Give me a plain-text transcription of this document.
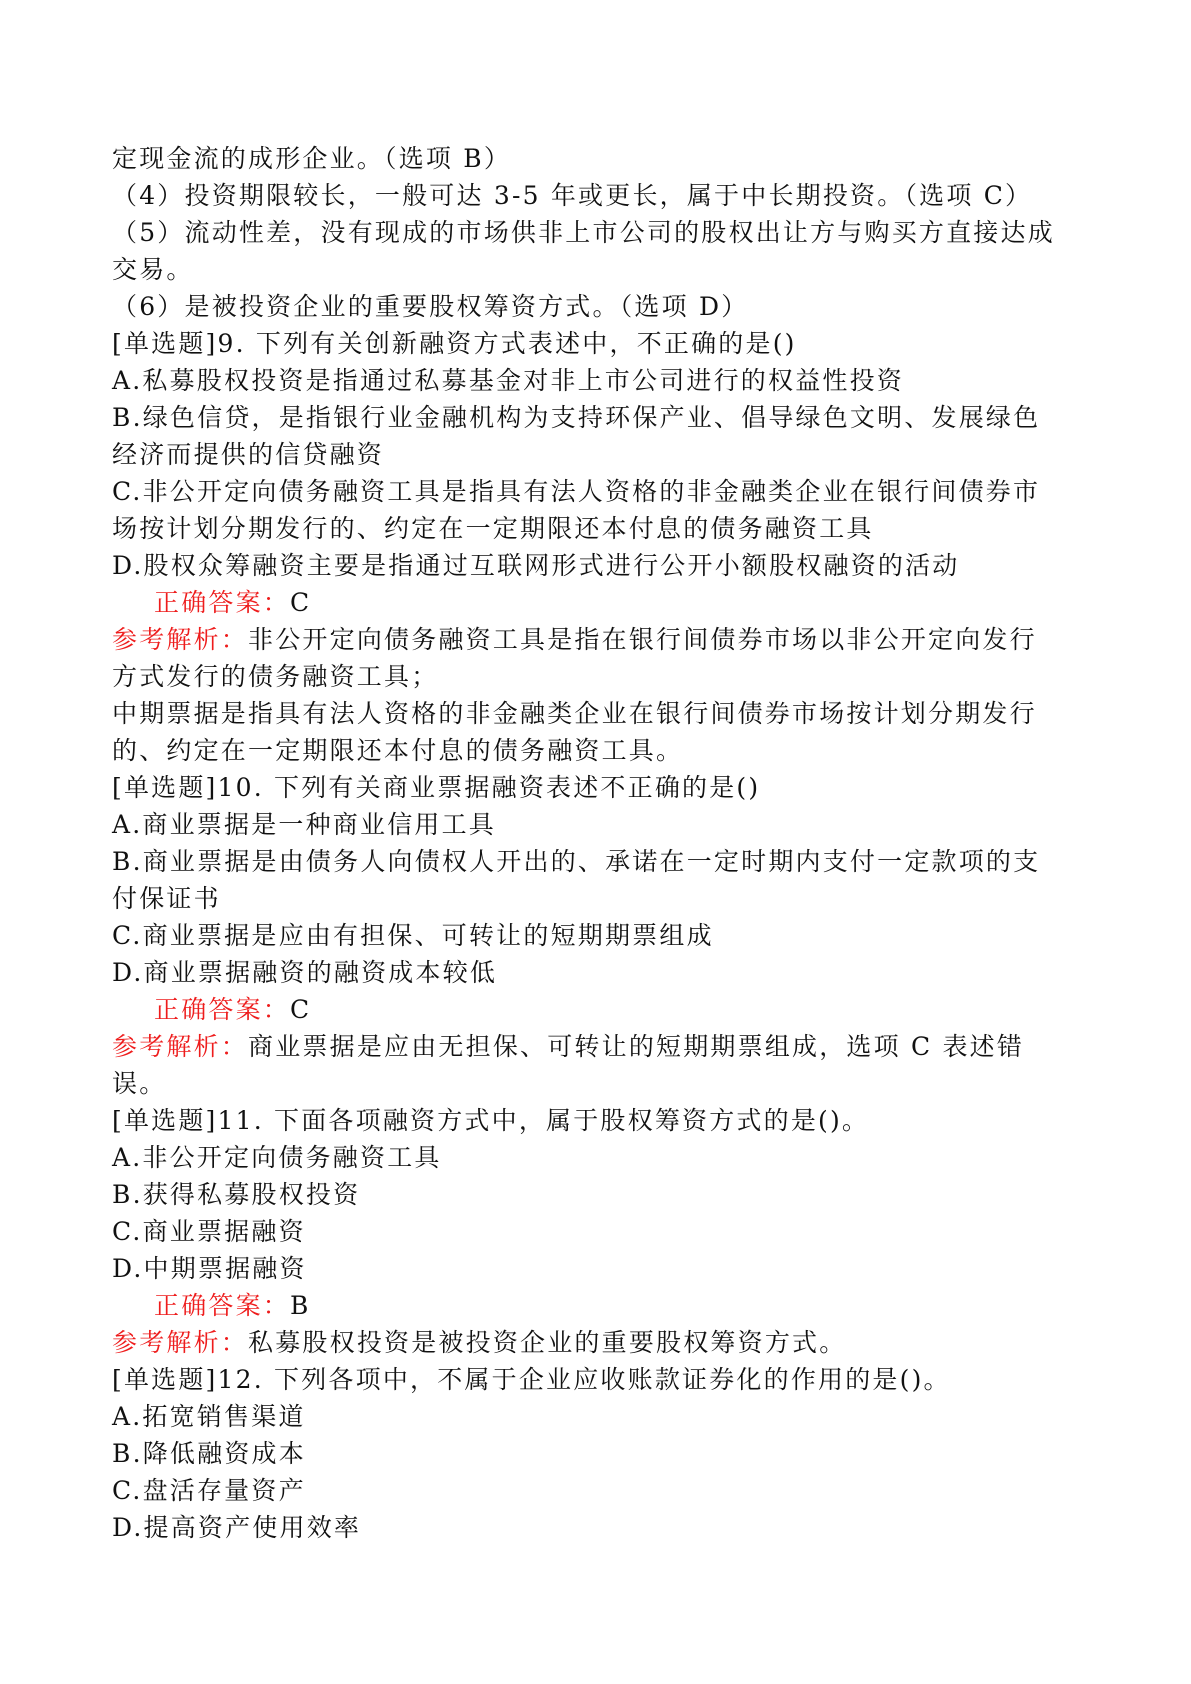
定现金流的成形企业。（选项 B）
（4）投资期限较长，一般可达 3-5 年或更长，属于中长期投资。（选项 C）
（5）流动性差，没有现成的市场供非上市公司的股权出让方与购买方直接达成
交易。
（6）是被投资企业的重要股权筹资方式。（选项 D）
[单选题]9. 下列有关创新融资方式表述中，不正确的是()
A.私募股权投资是指通过私募基金对非上市公司进行的权益性投资
B.绿色信贷，是指银行业金融机构为支持环保产业、倡导绿色文明、发展绿色
经济而提供的信贷融资
C.非公开定向债务融资工具是指具有法人资格的非金融类企业在银行间债券市
场按计划分期发行的、约定在一定期限还本付息的债务融资工具
D.股权众筹融资主要是指通过互联网形式进行公开小额股权融资的活动
正确答案：C
参考解析：非公开定向债务融资工具是指在银行间债券市场以非公开定向发行
方式发行的债务融资工具；
中期票据是指具有法人资格的非金融类企业在银行间债券市场按计划分期发行
的、约定在一定期限还本付息的债务融资工具。
[单选题]10. 下列有关商业票据融资表述不正确的是()
A.商业票据是一种商业信用工具
B.商业票据是由债务人向债权人开出的、承诺在一定时期内支付一定款项的支
付保证书
C.商业票据是应由有担保、可转让的短期期票组成
D.商业票据融资的融资成本较低
正确答案：C
参考解析：商业票据是应由无担保、可转让的短期期票组成，选项 C 表述错
误。
[单选题]11. 下面各项融资方式中，属于股权筹资方式的是()。
A.非公开定向债务融资工具
B.获得私募股权投资
C.商业票据融资
D.中期票据融资
正确答案：B
参考解析：私募股权投资是被投资企业的重要股权筹资方式。
[单选题]12. 下列各项中，不属于企业应收账款证券化的作用的是()。
A.拓宽销售渠道
B.降低融资成本
C.盘活存量资产
D.提高资产使用效率
